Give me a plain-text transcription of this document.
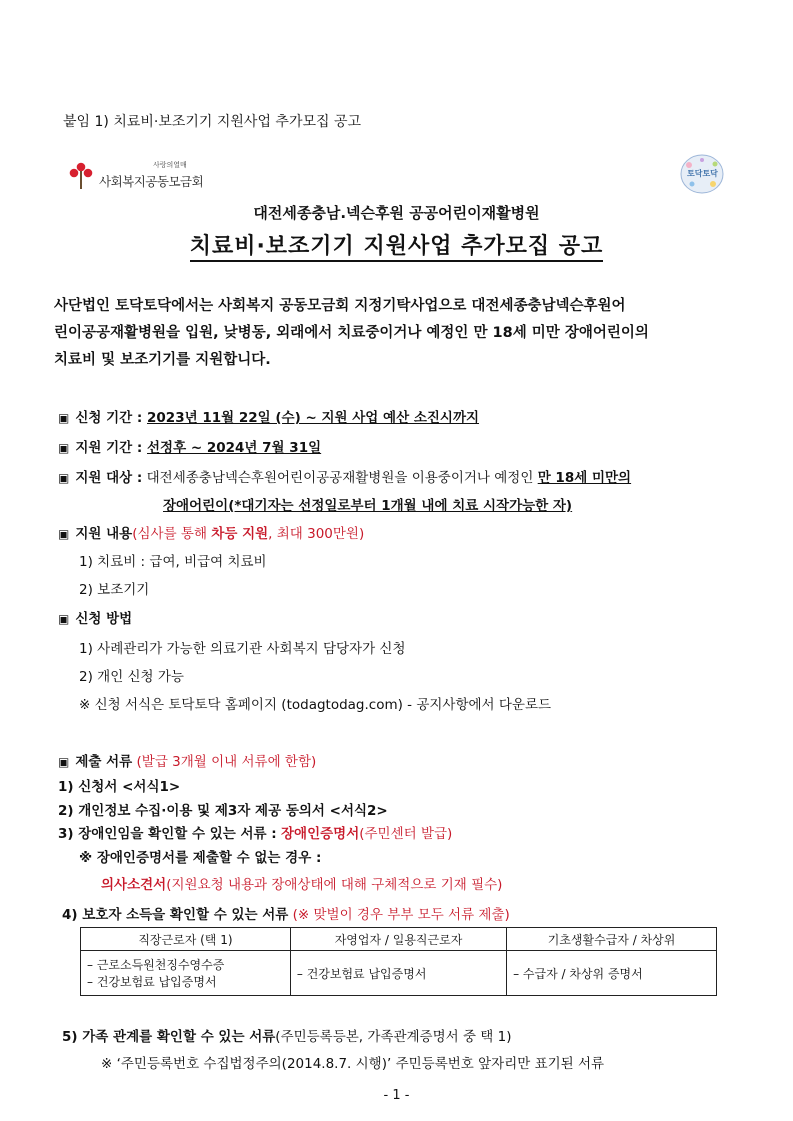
붙임 1) 치료비·보조기기 지원사업 추가모집 공고
사랑의열매
사회복지공동모금회
토닥토닥
대전세종충남.넥슨후원 공공어린이재활병원
치료비·보조기기 지원사업 추가모집 공고
사단법인 토닥토닥에서는 사회복지 공동모금회 지정기탁사업으로 대전세종충남넥슨후원어
린이공공재활병원을 입원, 낮병동, 외래에서 치료중이거나 예정인 만 18세 미만 장애어린이의
치료비 및 보조기기를 지원합니다.
▣ 신청 기간 : 2023년 11월 22일 (수) ~ 지원 사업 예산 소진시까지
▣ 지원 기간 : 선정후 ~ 2024년 7월 31일
▣ 지원 대상 : 대전세종충남넥슨후원어린이공공재활병원을 이용중이거나 예정인 만 18세 미만의
장애어린이(*대기자는 선정일로부터 1개월 내에 치료 시작가능한 자)
▣ 지원 내용(심사를 통해 차등 지원, 최대 300만원)
1) 치료비 : 급여, 비급여 치료비
2) 보조기기
▣ 신청 방법
1) 사례관리가 가능한 의료기관 사회복지 담당자가 신청
2) 개인 신청 가능
※ 신청 서식은 토닥토닥 홈페이지 (todagtodag.com) - 공지사항에서 다운로드
▣ 제출 서류 (발급 3개월 이내 서류에 한함)
1) 신청서 <서식1>
2) 개인정보 수집·이용 및 제3자 제공 동의서 <서식2>
3) 장애인임을 확인할 수 있는 서류 : 장애인증명서(주민센터 발급)
※ 장애인증명서를 제출할 수 없는 경우 :
의사소견서(지원요청 내용과 장애상태에 대해 구체적으로 기재 필수)
4) 보호자 소득을 확인할 수 있는 서류 (※ 맞벌이 경우 부부 모두 서류 제출)
직장근로자 (택 1)	자영업자 / 일용직근로자	기초생활수급자 / 차상위

– 근로소득원천징수영수증
– 건강보험료 납입증명서	– 건강보험료 납입증명서	– 수급자 / 차상위 증명서
5) 가족 관계를 확인할 수 있는 서류(주민등록등본, 가족관계증명서 중 택 1)
※ ‘주민등록번호 수집법정주의(2014.8.7. 시행)’ 주민등록번호 앞자리만 표기된 서류
- 1 -
